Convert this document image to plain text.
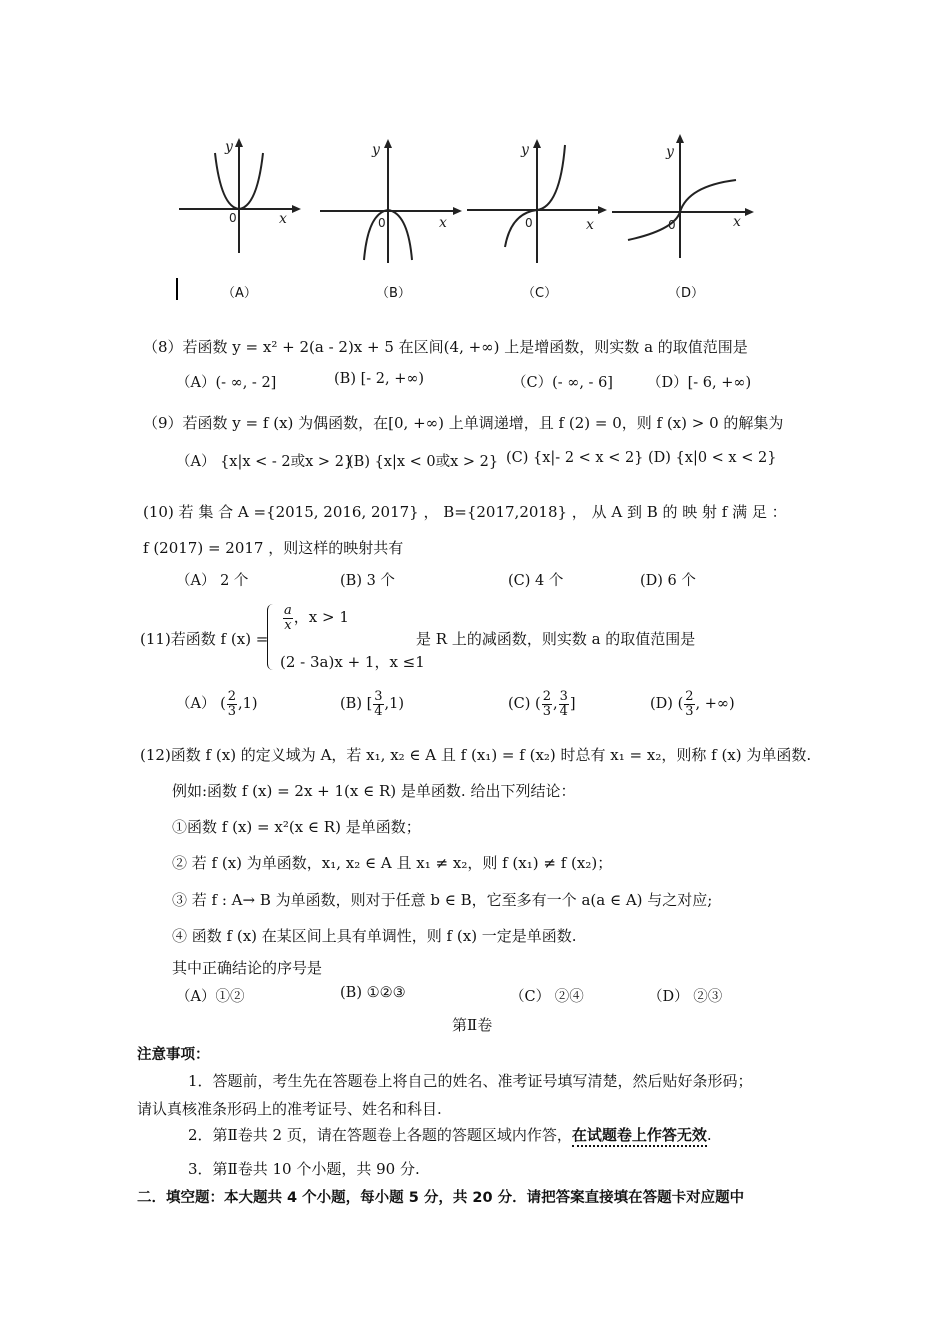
x
y
0
（A）
x
y
0
（B）
x
y
0
（C）
x
y
0
（D）
（8）若函数 y = x² + 2(a - 2)x + 5 在区间(4, +∞) 上是增函数，则实数 a 的取值范围是
（A）(- ∞, - 2]	(B) [- 2, +∞)	（C）(- ∞, - 6] （D）[- 6, +∞)
（9）若函数 y = f (x) 为偶函数，在[0, +∞) 上单调递增，且 f (2) = 0，则 f (x) > 0 的解集为
（A） {x|x < - 2或x > 2}
(B) {x|x < 0或x > 2} (C) {x|- 2 < x < 2} (D) {x|0 < x < 2}
(10) 若 集 合 A ={2015, 2016, 2017} ， B={2017,2018} ， 从 A 到 B 的 映 射 f 满 足 ：
f (2017) = 2017 ，则这样的映射共有
（A） 2 个	(B) 3 个	(C) 4 个	(D) 6 个
(11)若函数 f (x) =
$\frac{a}{x}$ ，x > 1
(2 - 3a)x + 1，x ≤1
是 R 上的减函数，则实数 a 的取值范围是
（A） ( $\frac{2}{3} ,1$)	(B) [ $\frac{3}{4} ,1$)	(C) ( $\frac{2}{3}$ , $\frac{3}{4}$ ]	(D) ( $\frac{2}{3}$ , +∞)
(12)函数 f (x) 的定义域为 A，若 x₁, x₂ ∈ A 且 f (x₁) = f (x₂) 时总有 x₁ = x₂，则称 f (x) 为单函数.
例如:函数 f (x) = 2x + 1(x ∈ R) 是单函数. 给出下列结论：
①函数 f (x) = x²(x ∈ R) 是单函数；
② 若 f (x) 为单函数，x₁, x₂ ∈ A 且 x₁ ≠ x₂，则 f (x₁) ≠ f (x₂)；
③ 若 f : A→ B 为单函数，则对于任意 b ∈ B，它至多有一个 a(a ∈ A) 与之对应;
④ 函数 f (x) 在某区间上具有单调性，则 f (x) 一定是单函数.
其中正确结论的序号是
（A）①②	(B) ①②③	（C） ②④	（D） ②③
第Ⅱ卷
注意事项：
1．答题前，考生先在答题卷上将自己的姓名、准考证号填写清楚，然后贴好条形码；
请认真核准条形码上的准考证号、姓名和科目.
2．第Ⅱ卷共 2 页，请在答题卷上各题的答题区域内作答，在试题卷上作答无效.
3．第Ⅱ卷共 10 个小题，共 90 分.
二．填空题：本大题共 4 个小题，每小题 5 分，共 20 分．请把答案直接填在答题卡对应题中
